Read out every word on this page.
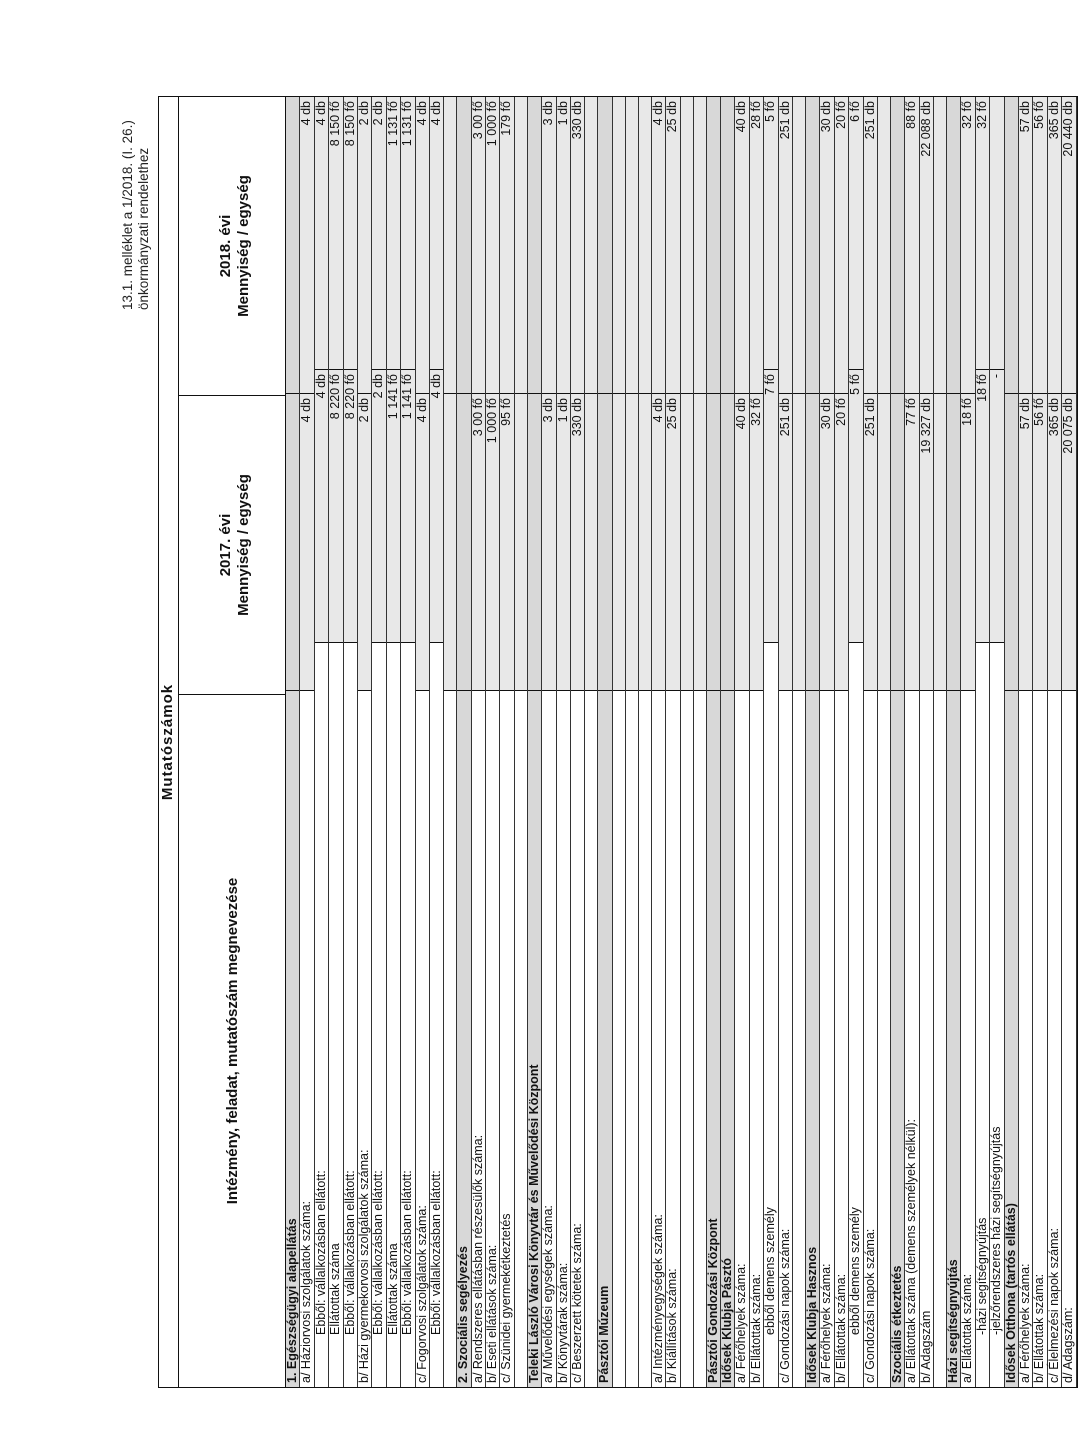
13.1. melléklet a 1/2018. (I. 26.) önkormányzati rendelethez
Mutatószámok
Intézmény, feladat, mutatószám megnevezése
2017. évi Mennyiség / egység
2018. évi Mennyiség / egység
1. Egészségügyi alapellátás a/ Háziorvosi szolgálatok száma:
4 db
4 db
Ebből: vállalkozásban ellátott:
4 db
4 db
Ellátottak száma
8 220 fő
8 150 fő
Ebből: vállalkozásban ellátott:
8 220 fő
8 150 fő
b/ Házi gyermekorvosi szolgálatok száma:
2 db
2 db
Ebből: vállalkozásban ellátott:
2 db
2 db
Ellátottak száma
1 141 fő
1 131 fő
Ebből: vállalkozásban ellátott:
1 141 fő
1 131 fő
c/ Fogorvosi szolgálatok száma:
4 db
4 db
Ebből: vállalkozásban ellátott:
4 db
4 db
2. Szociális segélyezés a/ Rendszeres ellátásban részesülők száma:
3 00 fő
3 00 fő
b/ Eseti ellátások száma:
1 000 fő
1 000 fő
c/ Szünidei gyermekétkeztetés
95 fő
179 fő
Teleki László Városi Könyvtár és Művelődési Központ a/ Művelődési egységek száma:
3 db
3 db
b/ Könyvtárak száma:
1 db
1 db
c/ Beszerzett kötetek száma:
330 db
330 db
Pásztói Múzeum	a/ Intézményegységek száma:
4 db
4 db
b/ Kiállítások száma:
25 db
25 db
Pásztói Gondozási Központ Idősek Klubja Pásztó a/ Férőhelyek száma:
40 db
40 db
b/ Ellátottak száma:
32 fő
28 fő
ebből demens személy
7 fő
5 fő
c/ Gondozási napok száma:
251 db
251 db
Idősek Klubja Hasznos a/ Férőhelyek száma:
30 db
30 db
b/ Ellátottak száma:
20 fő
20 fő
ebből demens személy
5 fő
6 fő
c/ Gondozási napok száma:
251 db
251 db
Szociális étkeztetés a/ Ellátottak száma (demens személyek nélkül):
77 fő
88 fő
b/ Adagszám
19 327 db
22 088 db
Házi segítségnyújtás a/ Ellátottak száma:
18 fő
32 fő
-házi segítségnyújtás
18 fő
32 fő
-jelzőrendszeres házi segítségnyújtás
-
Idősek Otthona (tartós ellátás) a/ Férőhelyek száma:
57 db
57 db
b/ Ellátottak száma:
56 fő
56 fő
c/ Élelmezési napok száma:
365 db
365 db
d/ Adagszám:
20 075 db
20 440 db
